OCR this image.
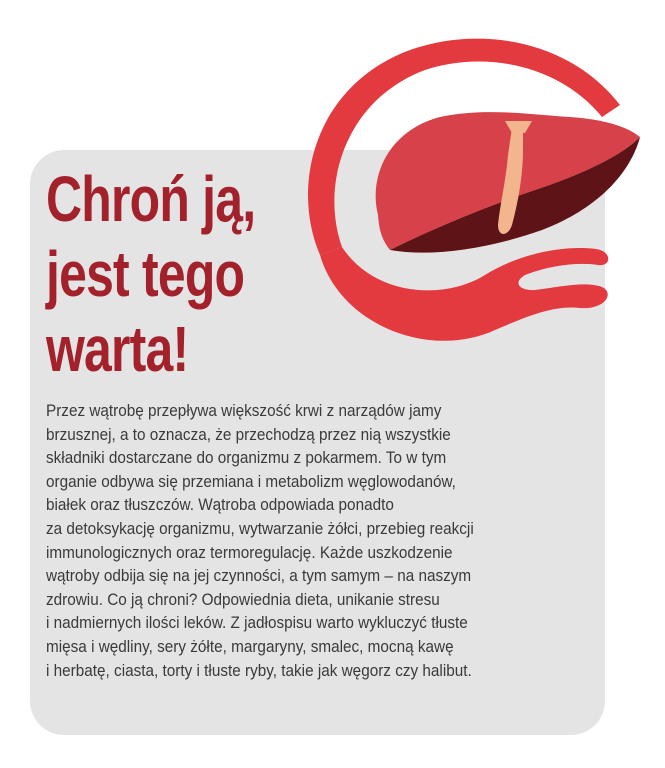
Chroń ją,
jest tego
warta!

Przez wątrobę przepływa większość krwi z narządów jamy
brzusznej, a to oznacza, że przechodzą przez nią wszystkie
składniki dostarczane do organizmu z pokarmem. To w tym
organie odbywa się przemiana i metabolizm węglowodanów,
białek oraz tłuszczów. Wątroba odpowiada ponadto
za detoksykację organizmu, wytwarzanie żółci, przebieg reakcji
immunologicznych oraz termoregulację. Każde uszkodzenie
wątroby odbija się na jej czynności, a tym samym – na naszym
zdrowiu. Co ją chroni? Odpowiednia dieta, unikanie stresu
i nadmiernych ilości leków. Z jadłospisu warto wykluczyć tłuste
mięsa i wędliny, sery żółte, margaryny, smalec, mocną kawę
i herbatę, ciasta, torty i tłuste ryby, takie jak węgorz czy halibut.
